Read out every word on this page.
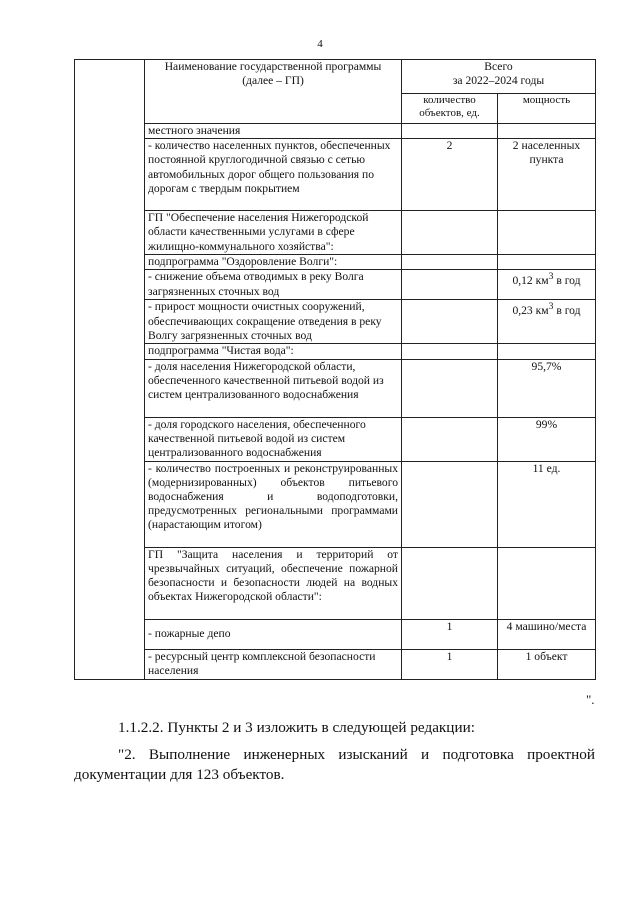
4
	Наименование государственной программы (далее – ГП)	Всего
за 2022–2024 годы	

		количество объектов, ед.	мощность
	местного значения		
	- количество населенных пунктов, обеспеченных постоянной круглогодичной связью с сетью автомобильных дорог общего пользования по дорогам с твердым покрытием	2	2 населенных пункта
	ГП "Обеспечение населения Нижегородской области качественными услугами в сфере жилищно-коммунального хозяйства":		
	подпрограмма "Оздоровление Волги":		
	- снижение объема отводимых в реку Волга загрязненных сточных вод		0,12 $км^3$ в год
	- прирост мощности очистных сооружений, обеспечивающих сокращение отведения в реку Волгу загрязненных сточных вод		0,23 $км^3$ в год
	подпрограмма "Чистая вода":		
	- доля населения Нижегородской области, обеспеченного качественной питьевой водой из систем централизованного водоснабжения		95,7%
	- доля городского населения, обеспеченного качественной питьевой водой из систем централизованного водоснабжения		99%
	- количество построенных и реконструированных (модернизированных) объектов питьевого водоснабжения и водоподготовки, предусмотренных региональными программами (нарастающим итогом)		11 ед.
	ГП "Защита населения и территорий от чрезвычайных ситуаций, обеспечение пожарной безопасности и безопасности людей на водных объектах Нижегородской области":		
	- пожарные депо	1	4 машино/места
	- ресурсный центр комплексной безопасности населения	1	1 объект
".
1.1.2.2. Пункты 2 и 3 изложить в следующей редакции:
"2. Выполнение инженерных изысканий и подготовка проектной
документации для 123 объектов.
